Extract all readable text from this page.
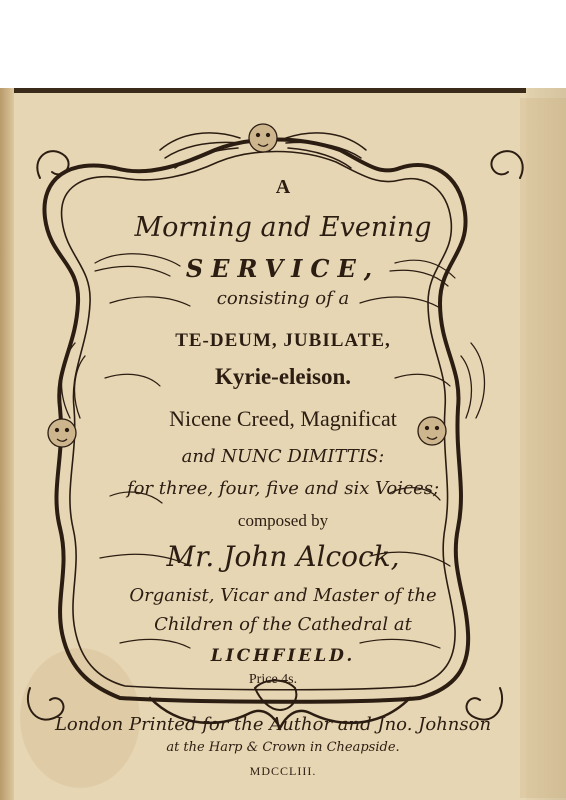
A
Morning and Evening
SERVICE,
consisting of a
TE-DEUM, JUBILATE,
Kyrie-eleison.
Nicene Creed, Magnificat
and NUNC DIMITTIS:
for three, four, five and six Voices;
composed by
Mr. John Alcock,
Organist, Vicar and Master of the
Children of the Cathedral at
LICHFIELD.
Price 4s.
London Printed for the Author and Jno. Johnson
at the Harp & Crown in Cheapside.
MDCCLIII.
